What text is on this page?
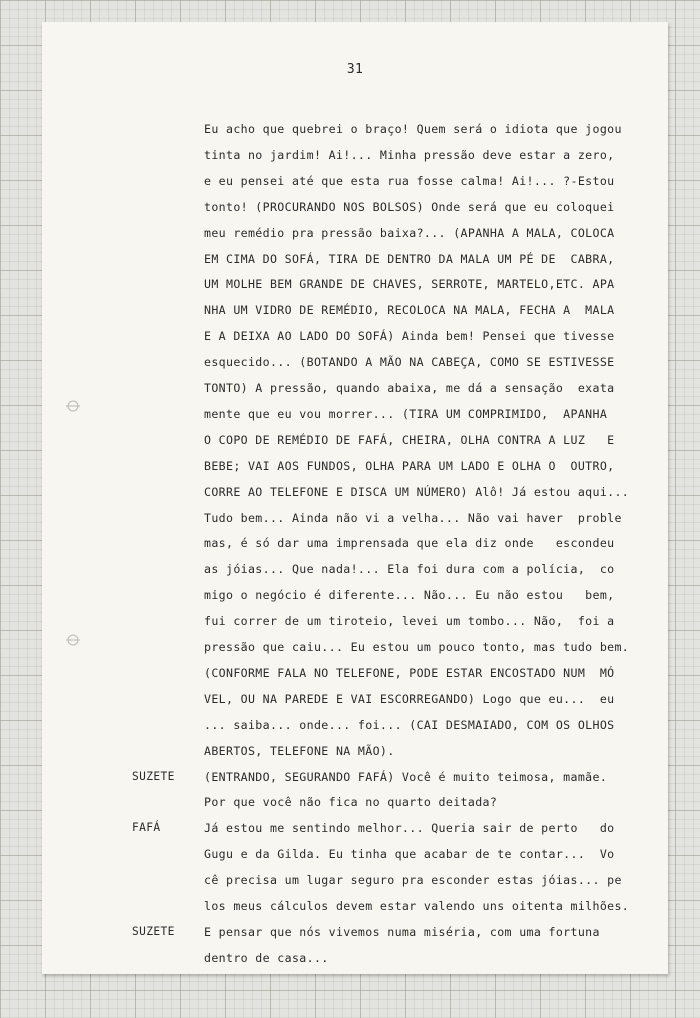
31
Eu acho que quebrei o braço! Quem será o idiota que jogou
tinta no jardim! Ai!... Minha pressão deve estar a zero,
e eu pensei até que esta rua fosse calma! Ai!... ?-Estou
tonto! (PROCURANDO NOS BOLSOS) Onde será que eu coloquei
meu remédio pra pressão baixa?... (APANHA A MALA, COLOCA
EM CIMA DO SOFÁ, TIRA DE DENTRO DA MALA UM PÉ DE  CABRA,
UM MOLHE BEM GRANDE DE CHAVES, SERROTE, MARTELO,ETC. APA
NHA UM VIDRO DE REMÉDIO, RECOLOCA NA MALA, FECHA A  MALA
E A DEIXA AO LADO DO SOFÁ) Ainda bem! Pensei que tivesse
esquecido... (BOTANDO A MÃO NA CABEÇA, COMO SE ESTIVESSE
TONTO) A pressão, quando abaixa, me dá a sensação  exata
mente que eu vou morrer... (TIRA UM COMPRIMIDO,  APANHA
O COPO DE REMÉDIO DE FAFÁ, CHEIRA, OLHA CONTRA A LUZ   E
BEBE; VAI AOS FUNDOS, OLHA PARA UM LADO E OLHA O  OUTRO,
CORRE AO TELEFONE E DISCA UM NÚMERO) Alô! Já estou aqui...
Tudo bem... Ainda não vi a velha... Não vai haver  proble
mas, é só dar uma imprensada que ela diz onde   escondeu
as jóias... Que nada!... Ela foi dura com a polícia,  co
migo o negócio é diferente... Não... Eu não estou   bem,
fui correr de um tiroteio, levei um tombo... Não,  foi a
pressão que caiu... Eu estou um pouco tonto, mas tudo bem.
(CONFORME FALA NO TELEFONE, PODE ESTAR ENCOSTADO NUM  MÓ
VEL, OU NA PAREDE E VAI ESCORREGANDO) Logo que eu...  eu
... saiba... onde... foi... (CAI DESMAIADO, COM OS OLHOS
ABERTOS, TELEFONE NA MÃO).
SUZETE	(ENTRANDO, SEGURANDO FAFÁ) Você é muito teimosa, mamãe.
Por que você não fica no quarto deitada?
FAFÁ	Já estou me sentindo melhor... Queria sair de perto   do
Gugu e da Gilda. Eu tinha que acabar de te contar...  Vo
cê precisa um lugar seguro pra esconder estas jóias... pe
los meus cálculos devem estar valendo uns oitenta milhões.
SUZETE	E pensar que nós vivemos numa miséria, com uma fortuna
dentro de casa...
